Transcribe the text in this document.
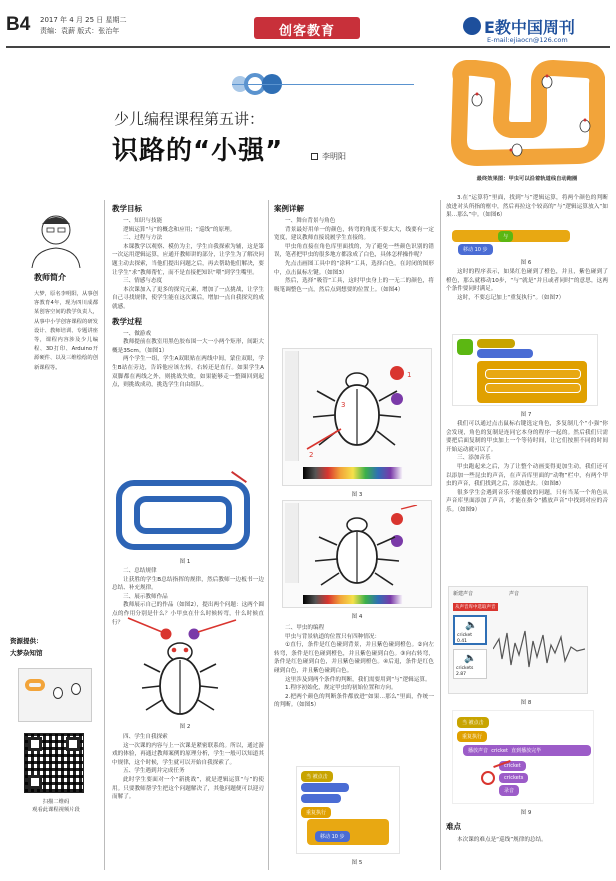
B4 2017 年 4 月 25 日 星期二
责编：袁薪 版式：张治年	创客教育	E教中国周刊
E-mail:ejiaocn@126.com
少儿编程课程第五讲：
识路的“小强”	李明阳
最终效果图：甲虫可以沿着轨道线自动跑圈
教师简介
大梦，原名李明阳，从事创客教育4年，现为四川成都某创客空间的教学负责人，从事中小学创客课程的研发设计、教师培训、专题讲座等，课程内容涉及少儿编程、3D打印、Arduino开源硬件、以及三维绘绘的创新课程等。
资源提供：
大梦杂知馆
扫描二维码
观看此课程视频片段
教学目标
一、知识与技能
逻辑运算“与”的概念和应用；“巡线”的原理。
二、过程与方法
本课教学以观察、模仿为主，学生自我探索为辅，这是第一次运用逻辑运算，应通开教师讲的部分，让学生为了解决问题主动去探索，当他们提出问题之后，再去帮助他们解决，要让学生“求”教师帮忙，而不是直接把知识“喂”到学生嘴里。
三、情感与态度
本次课加入了更多的探究元素，增加了一点挑战，让学生自己寻找规律，使学生能在这次课后，增加一点自我探究的成就感。
教学过程
一、做游戏
教师提前在教室用黑色胶布围一大一小两个矩形，间距大概是35cm。（如图1）
两个学生一组，学生A双眼贴在两线中间，蒙住双眼，学生B站在旁边，告诉他应该左转，右转还是直行。如果学生A双脚都在两线之外，则挑战失败，如果能够走一整圈回到起点，则挑战成功，挑选学生自由组队。
图 1
二、总结规律
让获胜的学生B总结指挥的规律，然后教师一边板书一边总结、补充规律。
三、展示教师作品
教师展示自己的作品（如图2），提出两个问题：这两个圆点的作用分别是什么？小甲虫在什么时候转弯，什么时候直行？
图 2
四、学生自我探索
这一次课的内容与上一次课是紧密联系的。所以，通过游戏的体验，再通过教师案例的原理分析，学生一般可以知道其中规律，这个时候，学生就可以开始自我探索了。
五、学生遇到并完成任务
此时学生要面对一个“新挑战”，就是逻辑运算“与”的使用。只要教师帮学生把这个问题解决了，其他问题便可以迎刃而解了。
案例详解
一、舞台背景与角色
背景最好用单一的颜色，转弯的角度不要太大，线要有一定宽度，建议教师直接说履学生直接的。
甲虫角直接在角色库里面找的，为了避免一些颜色识别的错误，笔者把甲虫的很多地方都涂成了白色，具体怎样操作呢？
先点击画图工具中的“涂料”工具，选择白色，在封闭的图形中，点击鼠标左键。（如图3）
然后，选择“吸管”工具，这时甲虫身上的一无二的颜色，将吸笔调整色一点，然后点到想要的位置上。（如图4）
3
1
2
图 3
图 4
二、甲虫的编程
甲虫与背景轨道的位置只有四种情况：
①直行，条件是红色碰到背景，并且紫色碰到橙色。②向左转弯，条件是红色碰到橙色，并且紫色碰到白色。③向右转弯，条件是红色碰到白色，并且紫色碰到橙色。④后退，条件是红色碰到白色，并且紫色碰到白色。
这里涉及到两个条件的判断，我们需要用到“与”逻辑运算。
1.程序初始化，规定甲虫的初始位置和方向。
2.把两个颜色的判断条件都放进“如果…那么”里面，作统一的判断。（如图5）
当 被点击
重复执行
移动 10 步
图 5
3.在“运算符”里面，找到“与”逻辑运算，将两个颜色的判断放进对头所指的框中，然后再拉这个较高的“与”逻辑运算放入“如果…那么”中。（如图6）
与
移动 10 步
图 6
这时的程序表示，如果红色碰到了橙色，并且，紫色碰到了橙色，那么就移动10步，“与”就是“并且或者同时”的意思，这两个条件要同时满足。
这时，不要忘记加上“重复执行”。（如图7）
图 7
我们可以通过点击鼠标右键选定角色，多复制几个“小强”你会发现，角色的复制是连同它本身的程序一起的。然后我们只需要把后面复制的甲虫加上一个等待时间，让它们按照不同的时间开始运动就可以了。
三、添加音乐
甲虫跑起来之后，为了让整个动画变得更加生动，我们还可以添加一些昆虫的声音，在声音库里面的“动物”栏中，有两个甲虫的声音，我们找到之后，添加进去。（如图8）
很多学生会遇到音乐不能播放的问题，只有当某一个角色从声音库里面添加了声音，才能在指令“播放声音”中找到对应的音乐。（如图9）
新建声音
从声音库中选取声音
🔈
cricket
0.41
🔈
crickets
2.87
声音
图 8
当 被点击
重复执行
播放声音 cricket 直到播放完毕
cricket
crickets
录音
图 9
难点
本次课的难点是“巡线”规律的总结。
